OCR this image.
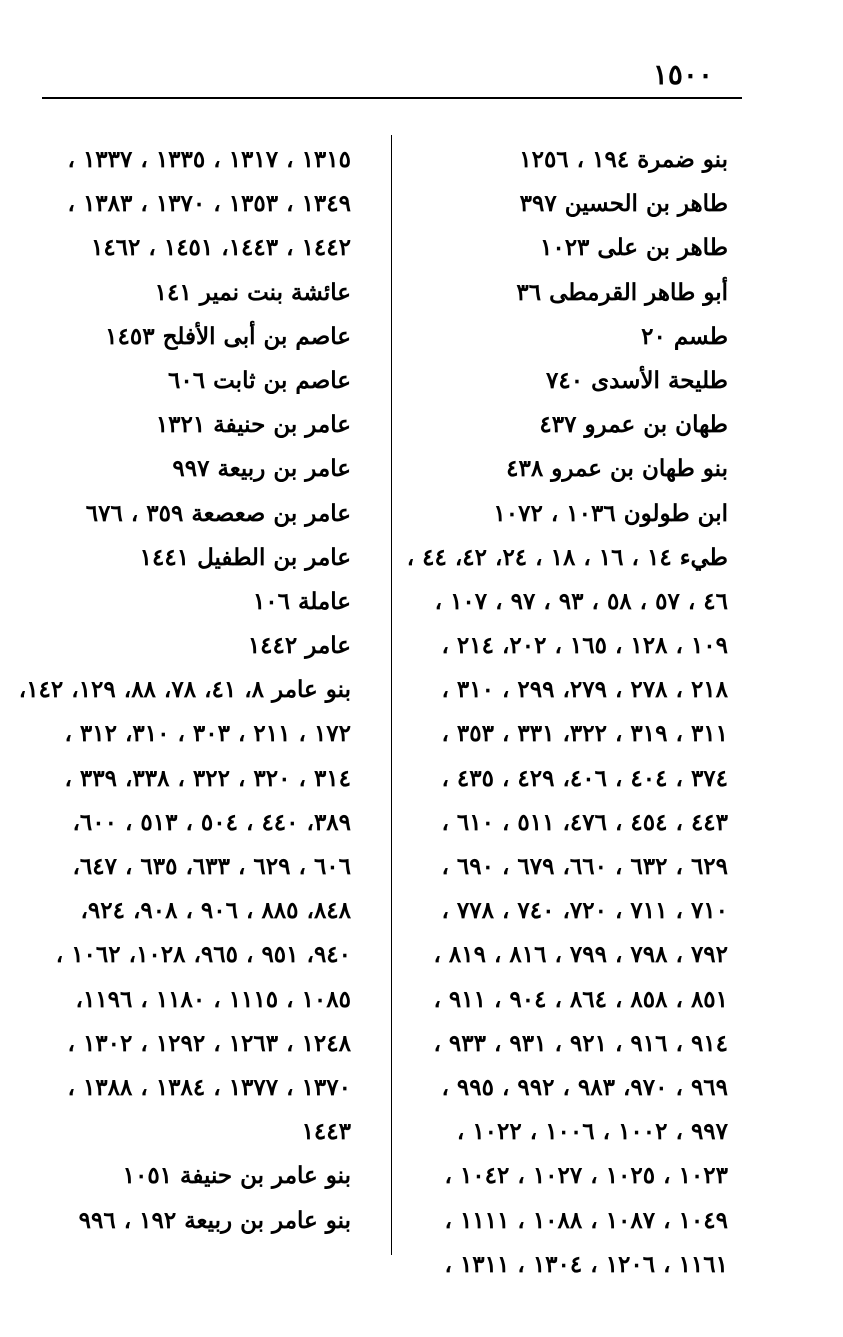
١٥٠٠
بنو ضمرة ١٩٤ ، ١٢٥٦
طاهر بن الحسين ٣٩٧
طاهر بن على ١٠٢٣
أبو طاهر القرمطى ٣٦
طسم ٢٠
طليحة الأسدى ٧٤٠
طهان بن عمرو ٤٣٧
بنو طهان بن عمرو ٤٣٨
ابن طولون ١٠٣٦ ، ١٠٧٢
طيء ١٤ ، ١٦ ، ١٨ ، ٢٤، ٤٢، ٤٤ ،
٤٦ ، ٥٧ ، ٥٨ ، ٩٣ ، ٩٧ ، ١٠٧ ،
١٠٩ ، ١٢٨ ، ١٦٥ ، ٢٠٢، ٢١٤ ،
٢١٨ ، ٢٧٨ ، ٢٧٩، ٢٩٩ ، ٣١٠ ،
٣١١ ، ٣١٩ ، ٣٢٢، ٣٣١ ، ٣٥٣ ،
٣٧٤ ، ٤٠٤ ، ٤٠٦، ٤٢٩ ، ٤٣٥ ،
٤٤٣ ، ٤٥٤ ، ٤٧٦، ٥١١ ، ٦١٠ ،
٦٢٩ ، ٦٣٢ ، ٦٦٠، ٦٧٩ ، ٦٩٠ ،
٧١٠ ، ٧١١ ، ٧٢٠، ٧٤٠ ، ٧٧٨ ،
٧٩٢ ، ٧٩٨ ، ٧٩٩ ، ٨١٦ ، ٨١٩ ،
٨٥١ ، ٨٥٨ ، ٨٦٤ ، ٩٠٤ ، ٩١١ ،
٩١٤ ، ٩١٦ ، ٩٢١ ، ٩٣١ ، ٩٣٣ ،
٩٦٩ ، ٩٧٠، ٩٨٣ ، ٩٩٢ ، ٩٩٥ ،
٩٩٧ ، ١٠٠٢ ، ١٠٠٦ ، ١٠٢٢ ،
١٠٢٣ ، ١٠٢٥ ، ١٠٢٧ ، ١٠٤٢ ،
١٠٤٩ ، ١٠٨٧ ، ١٠٨٨ ، ١١١١ ،
١١٦١ ، ١٢٠٦ ، ١٣٠٤ ، ١٣١١ ،
١٣١٥ ، ١٣١٧ ، ١٣٣٥ ، ١٣٣٧ ،
١٣٤٩ ، ١٣٥٣ ، ١٣٧٠ ، ١٣٨٣ ،
١٤٤٢ ، ١٤٤٣، ١٤٥١ ، ١٤٦٢
عائشة بنت نمير ١٤١
عاصم بن أبى الأفلح ١٤٥٣
عاصم بن ثابت ٦٠٦
عامر بن حنيفة ١٣٢١
عامر بن ربيعة ٩٩٧
عامر بن صعصعة ٣٥٩ ، ٦٧٦
عامر بن الطفيل ١٤٤١
عاملة ١٠٦
عامر ١٤٤٢
بنو عامر ٨، ٤١، ٧٨، ٨٨، ١٢٩، ١٤٢،
١٧٢ ، ٢١١ ، ٣٠٣ ، ٣١٠، ٣١٢ ،
٣١٤ ، ٣٢٠ ، ٣٢٢ ، ٣٣٨، ٣٣٩ ،
٣٨٩، ٤٤٠ ، ٥٠٤ ، ٥١٣ ، ٦٠٠،
٦٠٦ ، ٦٢٩ ، ٦٣٣، ٦٣٥ ، ٦٤٧،
٨٤٨، ٨٨٥ ، ٩٠٦ ، ٩٠٨، ٩٢٤،
٩٤٠، ٩٥١ ، ٩٦٥، ١٠٢٨، ١٠٦٢ ،
١٠٨٥ ، ١١١٥ ، ١١٨٠ ، ١١٩٦،
١٢٤٨ ، ١٢٦٣ ، ١٢٩٢ ، ١٣٠٢ ،
١٣٧٠ ، ١٣٧٧ ، ١٣٨٤ ، ١٣٨٨ ،
١٤٤٣
بنو عامر بن حنيفة ١٠٥١
بنو عامر بن ربيعة ١٩٢ ، ٩٩٦
